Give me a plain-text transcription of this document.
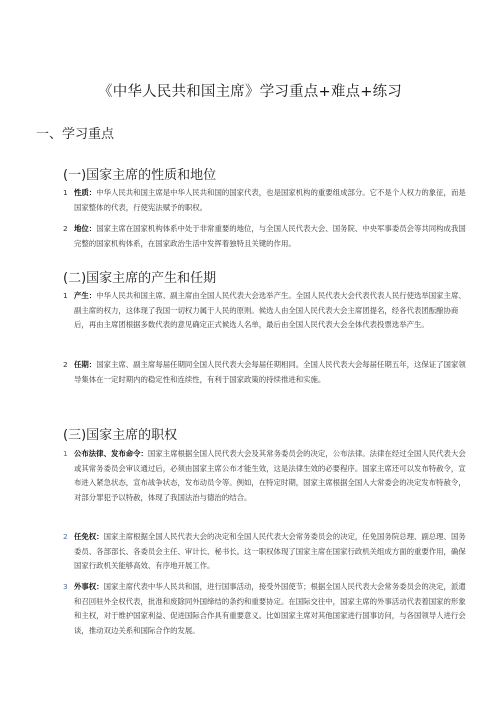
《中华人民共和国主席》学习重点+难点+练习
一、学习重点
(一)国家主席的性质和地位
1 性质：中华人民共和国主席是中华人民共和国的国家代表，也是国家机构的重要组成部分。它不是个人权力的象征，而是国家整体的代表，行使宪法赋予的职权。
2 地位：国家主席在国家机构体系中处于非常重要的地位，与全国人民代表大会、国务院、中央军事委员会等共同构成我国完整的国家机构体系，在国家政治生活中发挥着独特且关键的作用。
(二)国家主席的产生和任期
1 产生：中华人民共和国主席、副主席由全国人民代表大会选举产生。全国人民代表大会代表代表人民行使选举国家主席、副主席的权力，这体现了我国一切权力属于人民的原则。候选人由全国人民代表大会主席团提名，经各代表团酝酿协商后，再由主席团根据多数代表的意见确定正式候选人名单，最后由全国人民代表大会全体代表投票选举产生。
2 任期：国家主席、副主席每届任期同全国人民代表大会每届任期相同。全国人民代表大会每届任期五年，这保证了国家领导集体在一定时期内的稳定性和连续性，有利于国家政策的持续推进和实施。
(三)国家主席的职权
1 公布法律、发布命令：国家主席根据全国人民代表大会及其常务委员会的决定，公布法律。法律在经过全国人民代表大会或其常务委员会审议通过后，必须由国家主席公布才能生效，这是法律生效的必要程序。国家主席还可以发布特赦令，宣布进入紧急状态，宣布战争状态，发布动员令等。例如，在特定时期，国家主席根据全国人大常委会的决定发布特赦令，对部分罪犯予以特赦，体现了我国法治与德治的结合。
2 任免权：国家主席根据全国人民代表大会的决定和全国人民代表大会常务委员会的决定，任免国务院总理、副总理、国务委员、各部部长、各委员会主任、审计长、秘书长。这一职权体现了国家主席在国家行政机关组成方面的重要作用，确保国家行政机关能够高效、有序地开展工作。
3 外事权：国家主席代表中华人民共和国，进行国事活动，接受外国使节；根据全国人民代表大会常务委员会的决定，派遣和召回驻外全权代表，批准和废除同外国缔结的条约和重要协定。在国际交往中，国家主席的外事活动代表着国家的形象和主权，对于维护国家利益、促进国际合作具有重要意义。比如国家主席对其他国家进行国事访问，与各国领导人进行会谈，推动双边关系和国际合作的发展。
